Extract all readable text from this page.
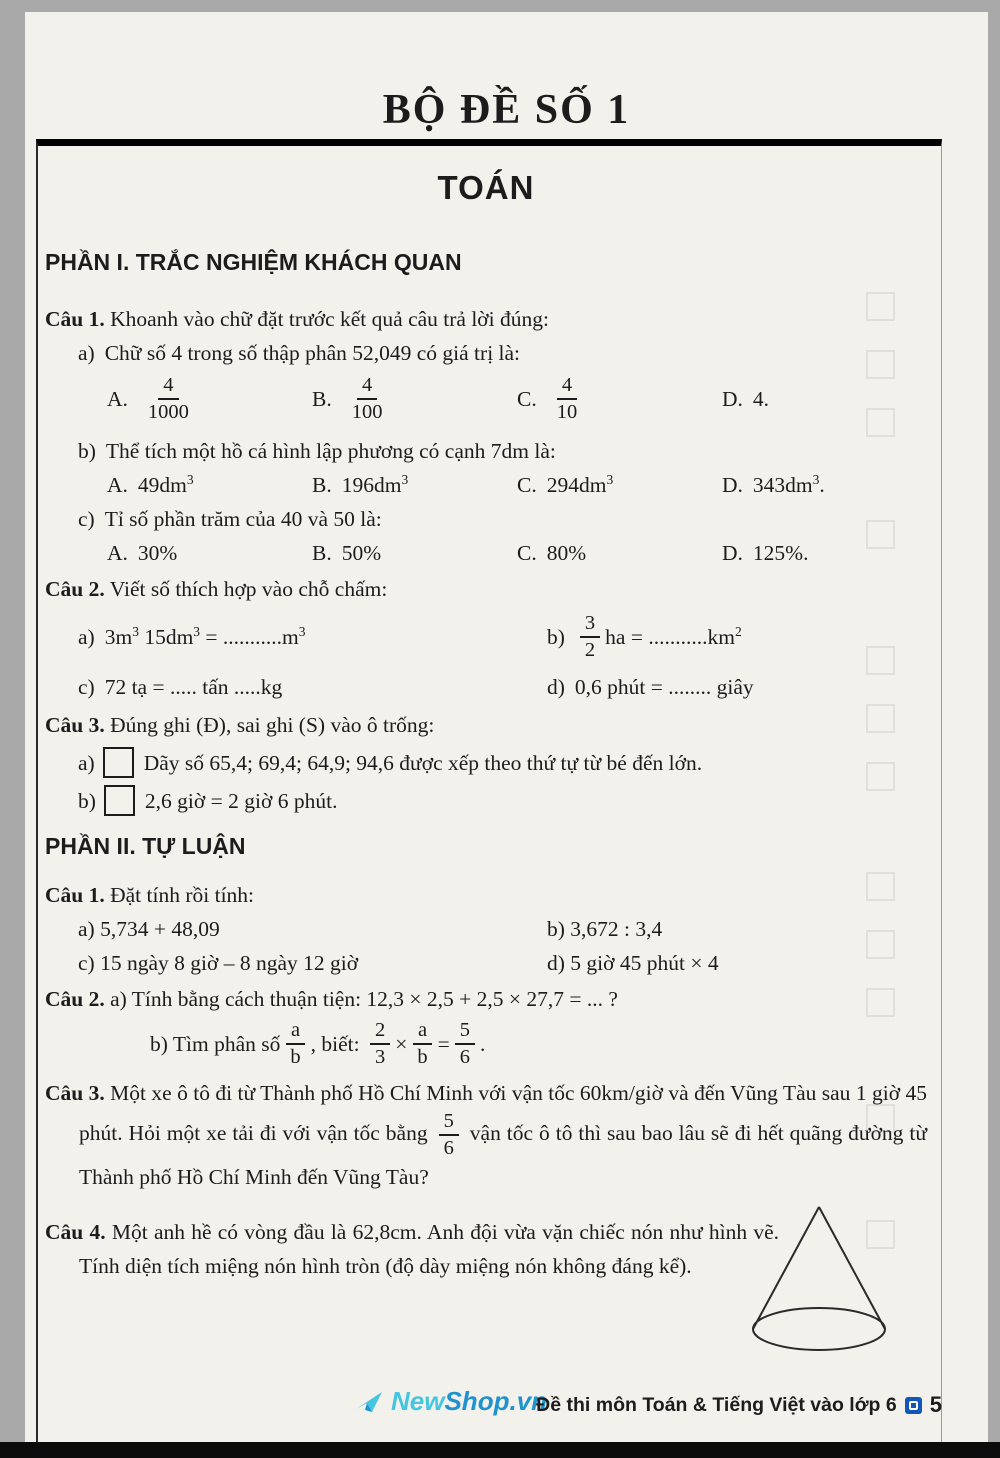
BỘ ĐỀ SỐ 1
TOÁN
PHẦN I. TRẮC NGHIỆM KHÁCH QUAN

Câu 1. Khoanh vào chữ đặt trước kết quả câu trả lời đúng:

a) Chữ số 4 trong số thập phân 52,049 có giá trị là:

A. $\frac{4}{1000}$	B. $\frac{4}{100}$	C. $\frac{4}{10}$	D. 4.

b) Thể tích một hồ cá hình lập phương có cạnh 7dm là:

A. $49dm^3$	B. $196dm^3$	C. $294dm^3$	D. $343dm^3$.

c) Tỉ số phần trăm của 40 và 50 là:

A. 30%	B. 50%	C. 80%	D. 125%.

Câu 2. Viết số thích hợp vào chỗ chấm:

a) $3m^3$ $15dm^3 = ...........m^3$	$b) \frac{3}{2}$ ha = $...........km^2$
c) 72 tạ = ..... tấn .....kg	d) 0,6 phút = ........ giây

Câu 3. Đúng ghi (Đ), sai ghi (S) vào ô trống:

a) Dãy số 65,4; 69,4; 64,9; 94,6 được xếp theo thứ tự từ bé đến lớn.

b) 2,6 giờ = 2 giờ 6 phút.

PHẦN II. TỰ LUẬN

Câu 1. Đặt tính rồi tính:

a) 5,734 + 48,09	b) 3,672 : 3,4
c) 15 ngày 8 giờ – 8 ngày 12 giờ	d) 5 giờ 45 phút × 4

Câu 2. a) Tính bằng cách thuận tiện: 12,3 × 2,5 + 2,5 × 27,7 = ... ?

b) Tìm phân số $\frac{a}{b}$ , biết:
$\frac{2}{3} \times \frac{a}{b} = \frac{5}{6}$ .

Câu 3. Một xe ô tô đi từ Thành phố Hồ Chí Minh với vận tốc 60km/giờ và đến Vũng Tàu sau 1 giờ 45 phút. Hỏi một xe tải đi với vận tốc bằng $\frac{5}{6}$ vận tốc ô tô thì sau bao lâu sẽ đi hết quãng đường từ Thành phố Hồ Chí Minh đến Vũng Tàu?

Câu 4. Một anh hề có vòng đầu là 62,8cm. Anh đội vừa vặn chiếc nón như hình vẽ. Tính diện tích miệng nón hình tròn (độ dày miệng nón không đáng kể).

New Shop .vn
Đề thi môn Toán & Tiếng Việt vào lớp 6 5
